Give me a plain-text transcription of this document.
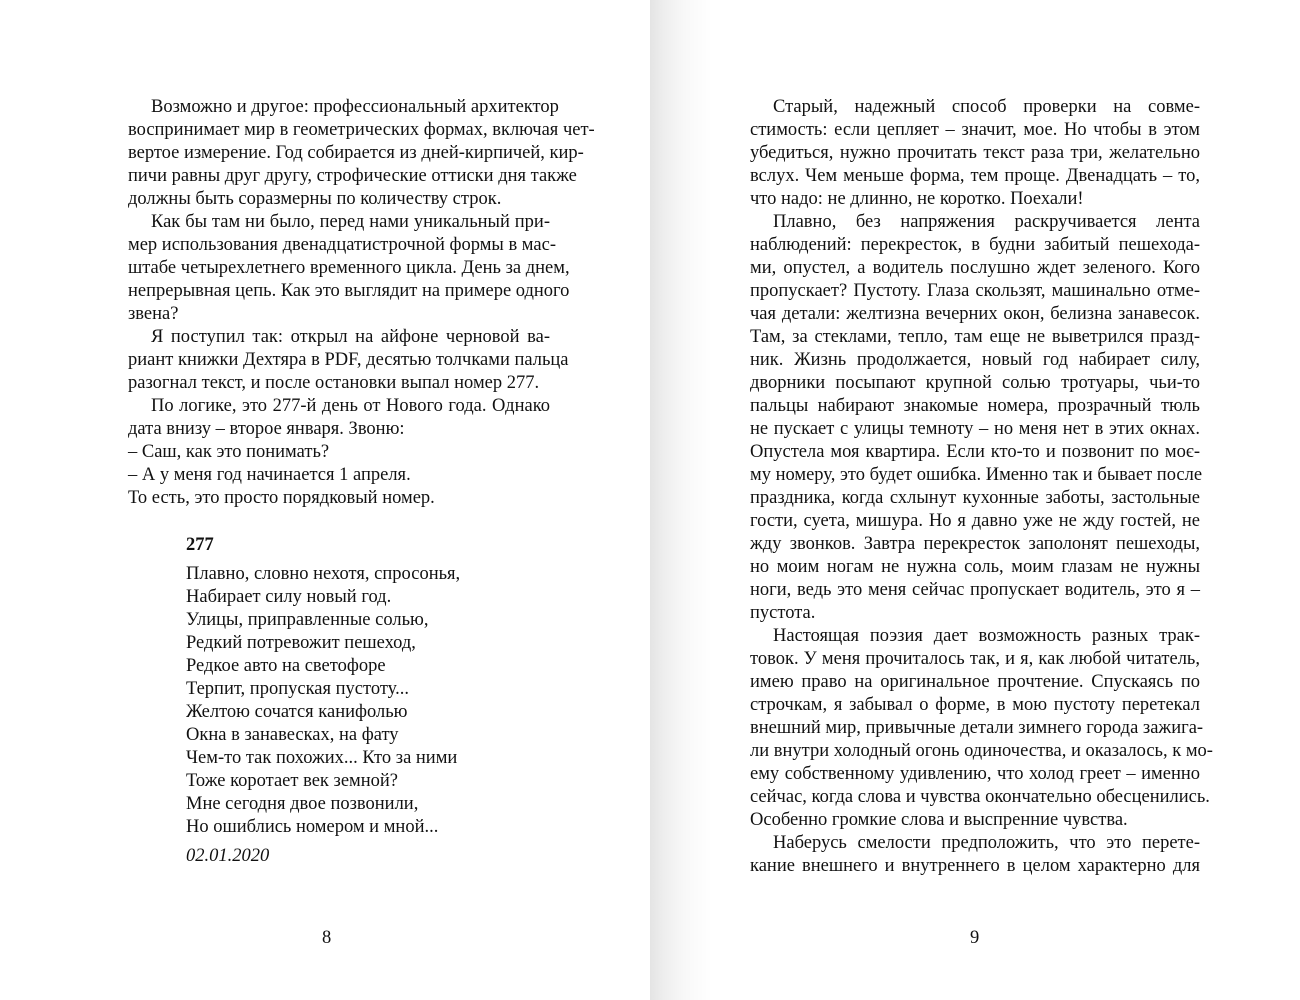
Возможно и другое: профессиональный архитектор
воспринимает мир в геометрических формах, включая чет-
вертое измерение. Год собирается из дней-кирпичей, кир-
пичи равны друг другу, строфические оттиски дня также
должны быть соразмерны по количеству строк.
Как бы там ни было, перед нами уникальный при-
мер использования двенадцатистрочной формы в мас-
штабе четырехлетнего временного цикла. День за днем,
непрерывная цепь. Как это выглядит на примере одного
звена?
Я поступил так: открыл на айфоне черновой ва-
риант книжки Дехтяра в PDF, десятью толчками пальца
разогнал текст, и после остановки выпал номер 277.
По логике, это 277-й день от Нового года. Однако
дата внизу – второе января. Звоню:
– Саш, как это понимать?
– А у меня год начинается 1 апреля.
То есть, это просто порядковый номер.
277
Плавно, словно нехотя, спросонья,
Набирает силу новый год.
Улицы, приправленные солью,
Редкий потревожит пешеход,
Редкое авто на светофоре
Терпит, пропуская пустоту...
Желтою сочатся канифолью
Окна в занавесках, на фату
Чем-то так похожих... Кто за ними
Тоже коротает век земной?
Мне сегодня двое позвонили,
Но ошиблись номером и мной...
02.01.2020
8
Старый, надежный способ проверки на совме-
стимость: если цепляет – значит, мое. Но чтобы в этом
убедиться, нужно прочитать текст раза три, желательно
вслух. Чем меньше форма, тем проще. Двенадцать – то,
что надо: не длинно, не коротко. Поехали!
Плавно, без напряжения раскручивается лента
наблюдений: перекресток, в будни забитый пешехода-
ми, опустел, а водитель послушно ждет зеленого. Кого
пропускает? Пустоту. Глаза скользят, машинально отме-
чая детали: желтизна вечерних окон, белизна занавесок.
Там, за стеклами, тепло, там еще не выветрился празд-
ник. Жизнь продолжается, новый год набирает силу,
дворники посыпают крупной солью тротуары, чьи-то
пальцы набирают знакомые номера, прозрачный тюль
не пускает с улицы темноту – но меня нет в этих окнах.
Опустела моя квартира. Если кто-то и позвонит по моє-
му номеру, это будет ошибка. Именно так и бывает после
праздника, когда схлынут кухонные заботы, застольные
гости, суета, мишура. Но я давно уже не жду гостей, не
жду звонков. Завтра перекресток заполонят пешеходы,
но моим ногам не нужна соль, моим глазам не нужны
ноги, ведь это меня сейчас пропускает водитель, это я –
пустота.
Настоящая поэзия дает возможность разных трак-
товок. У меня прочиталось так, и я, как любой читатель,
имею право на оригинальное прочтение. Спускаясь по
строчкам, я забывал о форме, в мою пустоту перетекал
внешний мир, привычные детали зимнего города зажига-
ли внутри холодный огонь одиночества, и оказалось, к мо-
ему собственному удивлению, что холод греет – именно
сейчас, когда слова и чувства окончательно обесценились.
Особенно громкие слова и выспренние чувства.
Наберусь смелости предположить, что это перете-
кание внешнего и внутреннего в целом характерно для
9
